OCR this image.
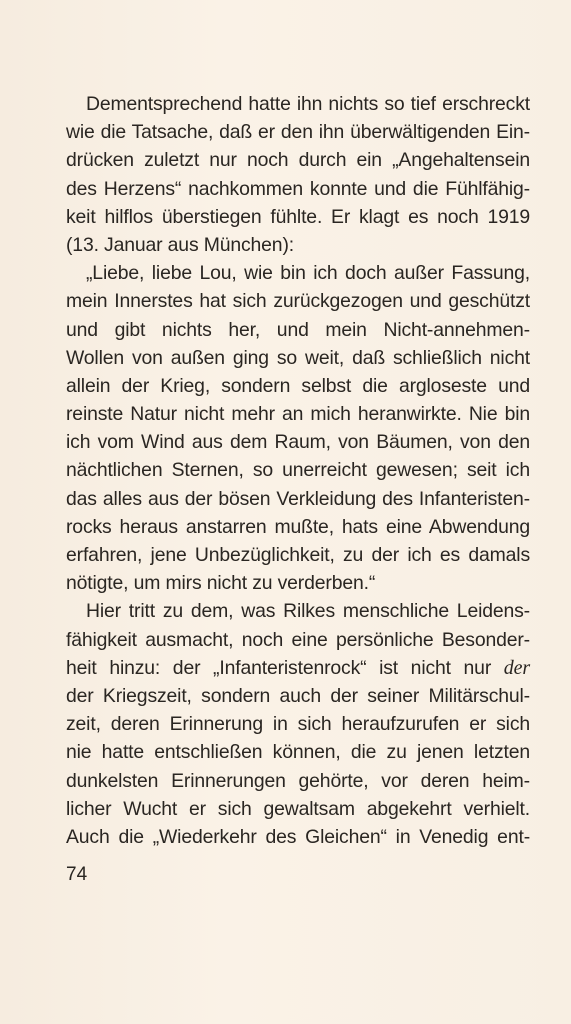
Dementsprechend hatte ihn nichts so tief erschreckt
wie die Tatsache, daß er den ihn überwältigenden Ein-
drücken zuletzt nur noch durch ein „Angehaltensein
des Herzens“ nachkommen konnte und die Fühlfähig-
keit hilflos überstiegen fühlte. Er klagt es noch 1919
(13. Januar aus München):
„Liebe, liebe Lou, wie bin ich doch außer Fassung,
mein Innerstes hat sich zurückgezogen und geschützt
und gibt nichts her, und mein Nicht-annehmen-
Wollen von außen ging so weit, daß schließlich nicht
allein der Krieg, sondern selbst die argloseste und
reinste Natur nicht mehr an mich heranwirkte. Nie bin
ich vom Wind aus dem Raum, von Bäumen, von den
nächtlichen Sternen, so unerreicht gewesen; seit ich
das alles aus der bösen Verkleidung des Infanteristen-
rocks heraus anstarren mußte, hats eine Abwendung
erfahren, jene Unbezüglichkeit, zu der ich es damals
nötigte, um mirs nicht zu verderben.“
Hier tritt zu dem, was Rilkes menschliche Leidens-
fähigkeit ausmacht, noch eine persönliche Besonder-
heit hinzu: der „Infanteristenrock“ ist nicht nur der
der Kriegszeit, sondern auch der seiner Militärschul-
zeit, deren Erinnerung in sich heraufzurufen er sich
nie hatte entschließen können, die zu jenen letzten
dunkelsten Erinnerungen gehörte, vor deren heim-
licher Wucht er sich gewaltsam abgekehrt verhielt.
Auch die „Wiederkehr des Gleichen“ in Venedig ent-
74
